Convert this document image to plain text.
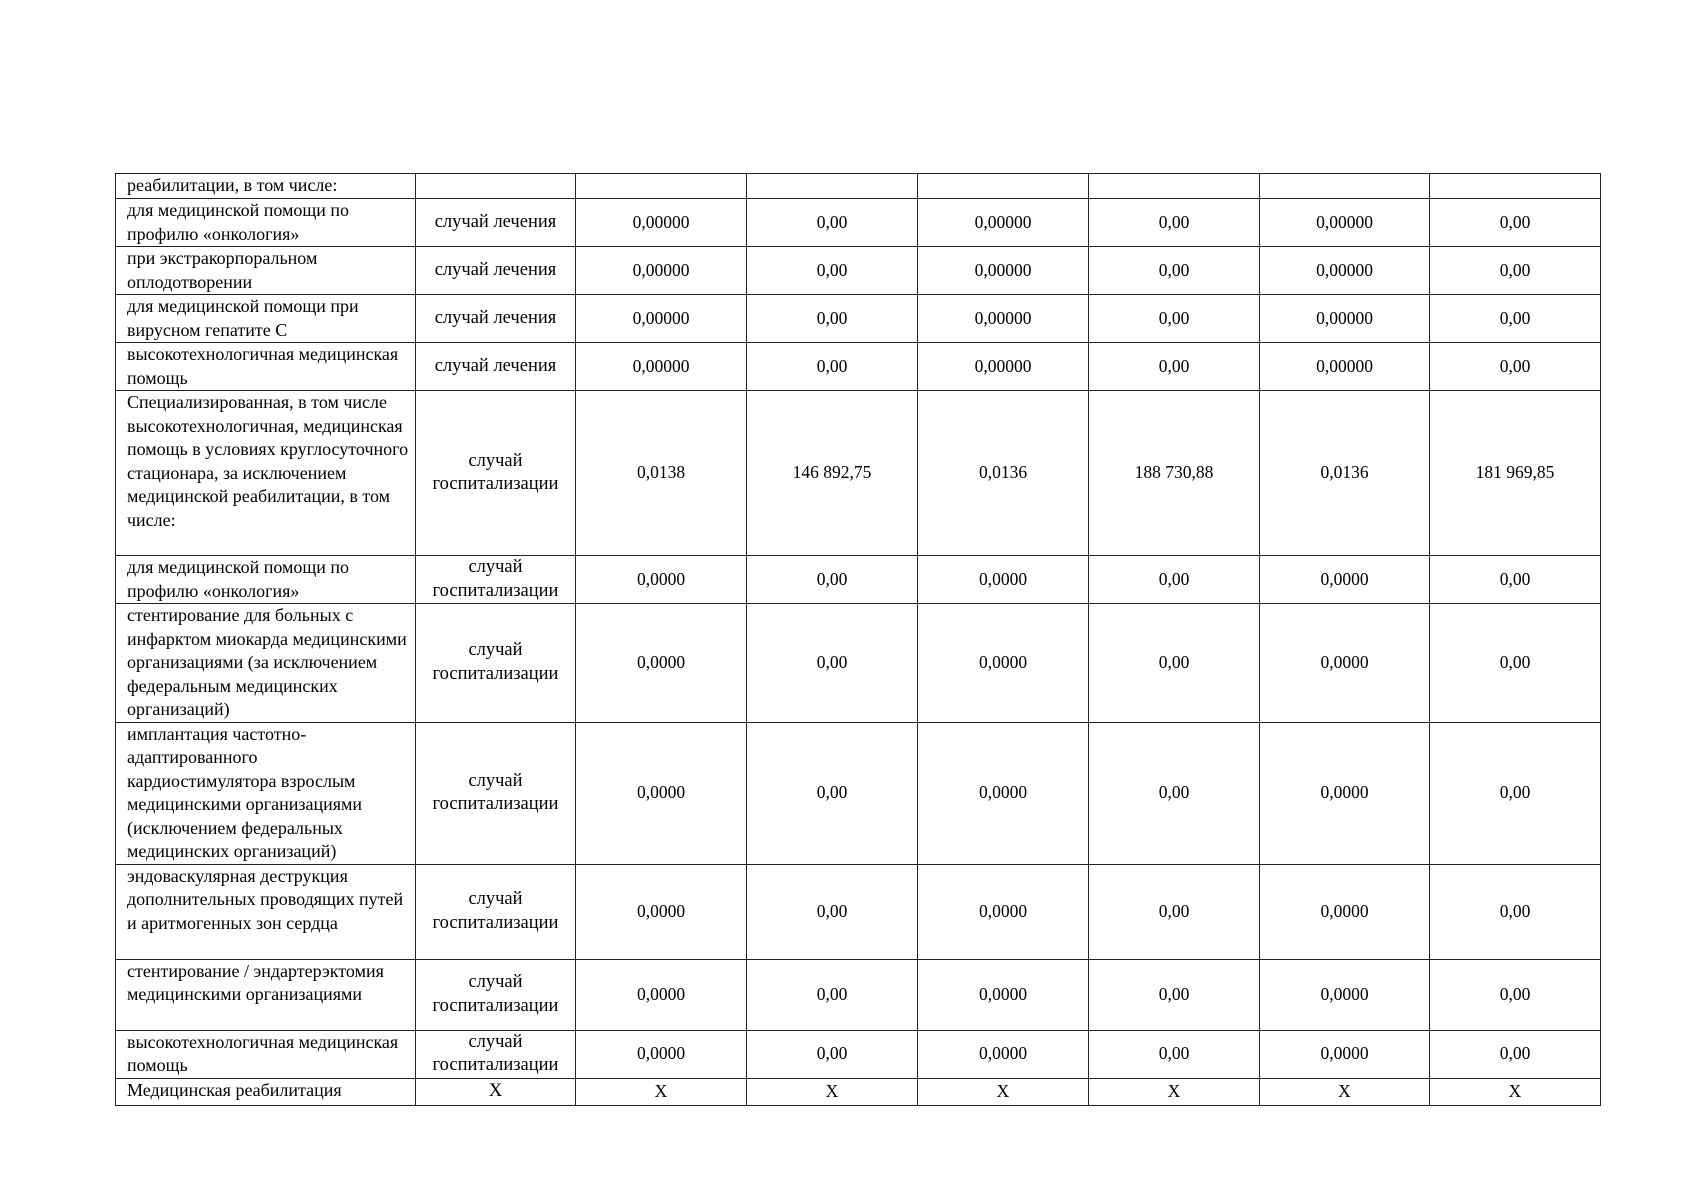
реабилитации, в том числе:							
для медицинской помощи по профилю «онкология»	случай лечения	0,00000	0,00	0,00000	0,00	0,00000	0,00
при экстракорпоральном оплодотворении	случай лечения	0,00000	0,00	0,00000	0,00	0,00000	0,00
для медицинской помощи при вирусном гепатите С	случай лечения	0,00000	0,00	0,00000	0,00	0,00000	0,00
высокотехнологичная медицинская помощь	случай лечения	0,00000	0,00	0,00000	0,00	0,00000	0,00
Специализированная, в том числе высокотехнологичная, медицинская помощь в условиях круглосуточного стационара, за исключением медицинской реабилитации, в том числе:	случай госпитализации	0,0138	146 892,75	0,0136	188 730,88	0,0136	181 969,85
для медицинской помощи по профилю «онкология»	случай госпитализации	0,0000	0,00	0,0000	0,00	0,0000	0,00
стентирование для больных с инфарктом миокарда медицинскими организациями (за исключением федеральным медицинских организаций)	случай госпитализации	0,0000	0,00	0,0000	0,00	0,0000	0,00
имплантация частотно-адаптированного кардиостимулятора взрослым медицинскими организациями (исключением федеральных медицинских организаций)	случай госпитализации	0,0000	0,00	0,0000	0,00	0,0000	0,00
эндоваскулярная деструкция дополнительных проводящих путей и аритмогенных зон сердца	случай госпитализации	0,0000	0,00	0,0000	0,00	0,0000	0,00
стентирование / эндартерэктомия медицинскими организациями	случай госпитализации	0,0000	0,00	0,0000	0,00	0,0000	0,00
высокотехнологичная медицинская помощь	случай госпитализации	0,0000	0,00	0,0000	0,00	0,0000	0,00
Медицинская реабилитация	Х	Х	Х	Х	Х	Х	Х
